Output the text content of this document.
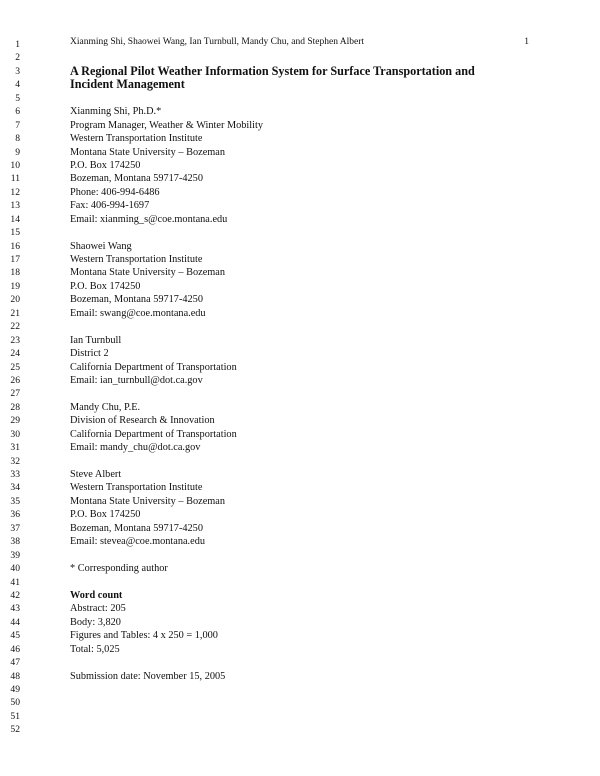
Xianming Shi, Shaowei Wang, Ian Turnbull, Mandy Chu, and Stephen Albert	1
1
2
3
4
5
6
7
8
9
10
11
12
13
14
15
16
17
18
19
20
21
22
23
24
25
26
27
28
29
30
31
32
33
34
35
36
37
38
39
40
41
42
43
44
45
46
47
48
49
50
51
52
A Regional Pilot Weather Information System for Surface Transportation and
Incident Management
Xianming Shi, Ph.D.*
Program Manager, Weather & Winter Mobility
Western Transportation Institute
Montana State University – Bozeman
P.O. Box 174250
Bozeman, Montana 59717-4250
Phone: 406-994-6486
Fax: 406-994-1697
Email: xianming_s@coe.montana.edu
Shaowei Wang
Western Transportation Institute
Montana State University – Bozeman
P.O. Box 174250
Bozeman, Montana 59717-4250
Email: swang@coe.montana.edu
Ian Turnbull
District 2
California Department of Transportation
Email: ian_turnbull@dot.ca.gov
Mandy Chu, P.E.
Division of Research & Innovation
California Department of Transportation
Email: mandy_chu@dot.ca.gov
Steve Albert
Western Transportation Institute
Montana State University – Bozeman
P.O. Box 174250
Bozeman, Montana 59717-4250
Email: stevea@coe.montana.edu
* Corresponding author
Word count
Abstract: 205
Body: 3,820
Figures and Tables: 4 x 250 = 1,000
Total: 5,025
Submission date: November 15, 2005
